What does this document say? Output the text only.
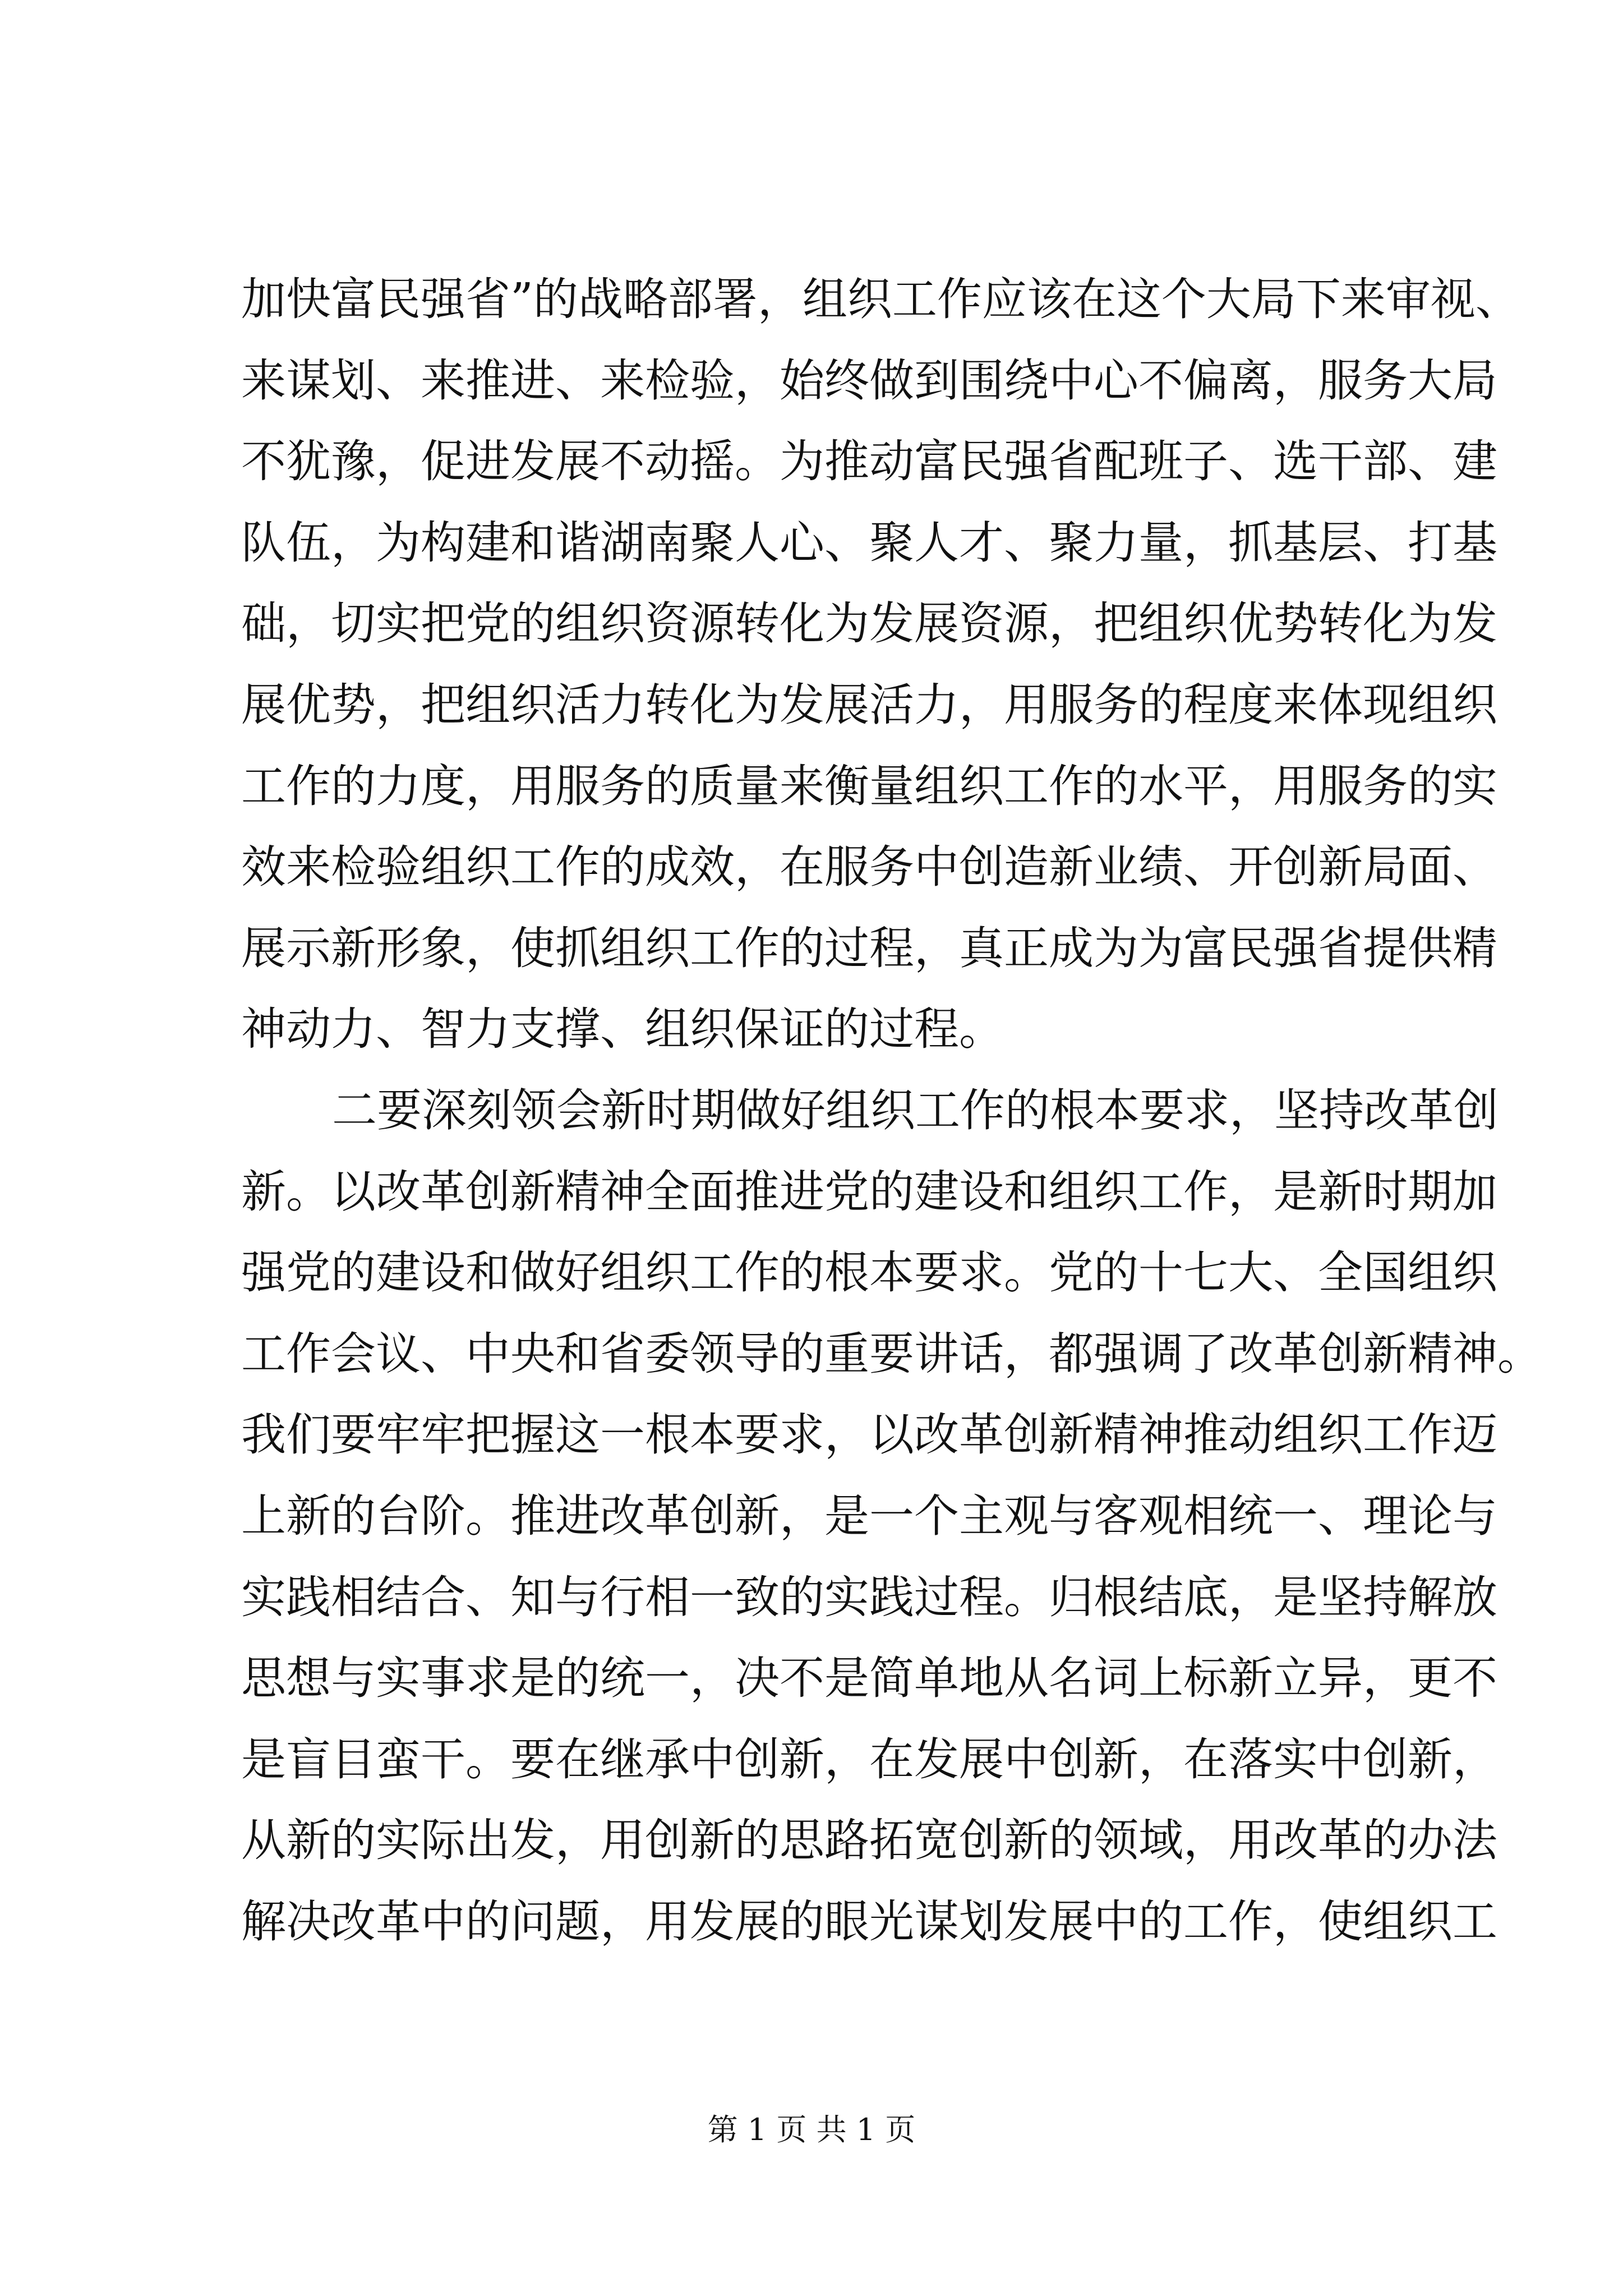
加快富民强省”的战略部署，组织工作应该在这个大局下来审视、
来谋划、来推进、来检验，始终做到围绕中心不偏离，服务大局
不犹豫，促进发展不动摇。为推动富民强省配班子、选干部、建
队伍，为构建和谐湖南聚人心、聚人才、聚力量，抓基层、打基
础，切实把党的组织资源转化为发展资源，把组织优势转化为发
展优势，把组织活力转化为发展活力，用服务的程度来体现组织
工作的力度，用服务的质量来衡量组织工作的水平，用服务的实
效来检验组织工作的成效，在服务中创造新业绩、开创新局面、
展示新形象，使抓组织工作的过程，真正成为为富民强省提供精
神动力、智力支撑、组织保证的过程。
二要深刻领会新时期做好组织工作的根本要求，坚持改革创
新。以改革创新精神全面推进党的建设和组织工作，是新时期加
强党的建设和做好组织工作的根本要求。党的十七大、全国组织
工作会议、中央和省委领导的重要讲话，都强调了改革创新精神。
我们要牢牢把握这一根本要求，以改革创新精神推动组织工作迈
上新的台阶。推进改革创新，是一个主观与客观相统一、理论与
实践相结合、知与行相一致的实践过程。归根结底，是坚持解放
思想与实事求是的统一，决不是简单地从名词上标新立异，更不
是盲目蛮干。要在继承中创新，在发展中创新，在落实中创新，
从新的实际出发，用创新的思路拓宽创新的领域，用改革的办法
解决改革中的问题，用发展的眼光谋划发展中的工作，使组织工
第 1 页 共 1 页
